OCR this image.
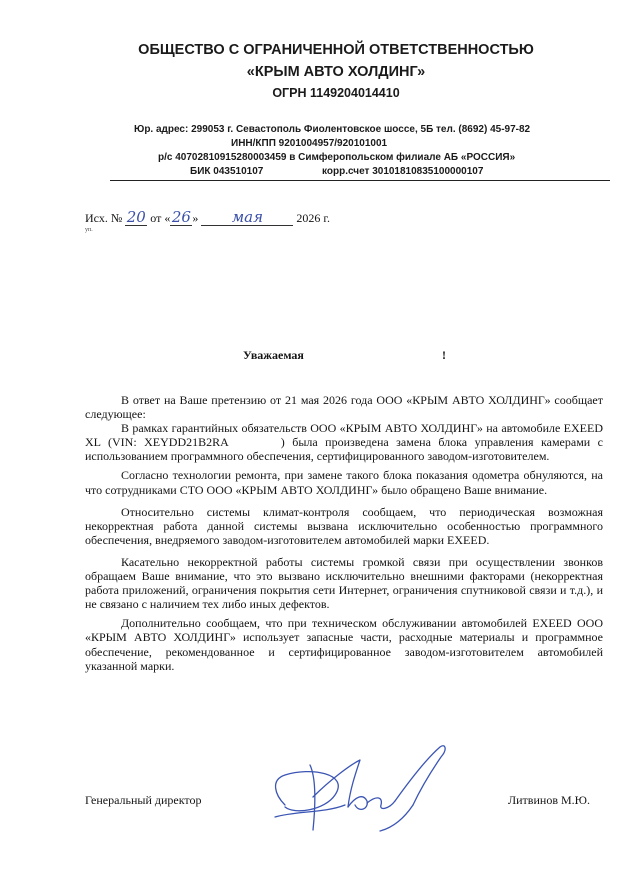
ОБЩЕСТВО С ОГРАНИЧЕННОЙ ОТВЕТСТВЕННОСТЬЮ
«КРЫМ АВТО ХОЛДИНГ»
ОГРН 1149204014410
Юр. адрес: 299053 г. Севастополь Фиолентовское шоссе, 5Б тел. (8692) 45-97-82
ИНН/КПП 9201004957/920101001
р/с 40702810915280003459 в Симферопольском филиале АБ «РОССИЯ»
БИК 043510107	корр.счет 30101810835100000107
Исх. № 20 от «26» мая	2026 г.
уп.
Уважаемая	!

В ответ на Ваше претензию от 21 мая 2026 года ООО «КРЫМ АВТО ХОЛДИНГ» сообщает следующее:

В рамках гарантийных обязательств ООО «КРЫМ АВТО ХОЛДИНГ» на автомобиле EXEED XL (VIN: XEYDD21B2RA	) была произведена замена блока управления камерами с использованием программного обеспечения, сертифицированного заводом-изготовителем.

Согласно технологии ремонта, при замене такого блока показания одометра обнуляются, на что сотрудниками СТО ООО «КРЫМ АВТО ХОЛДИНГ» было обращено Ваше внимание.

Относительно системы климат-контроля сообщаем, что периодическая возможная некорректная работа данной системы вызвана исключительно особенностью программного обеспечения, внедряемого заводом-изготовителем автомобилей марки EXEED.

Касательно некорректной работы системы громкой связи при осуществлении звонков обращаем Ваше внимание, что это вызвано исключительно внешними факторами (некорректная работа приложений, ограничения покрытия сети Интернет, ограничения спутниковой связи и т.д.), и не связано с наличием тех либо иных дефектов.

Дополнительно сообщаем, что при техническом обслуживании автомобилей EXEED ООО «КРЫМ АВТО ХОЛДИНГ» использует запасные части, расходные материалы и программное обеспечение, рекомендованное и сертифицированное заводом-изготовителем автомобилей указанной марки.

Генеральный директор	Литвинов М.Ю.
